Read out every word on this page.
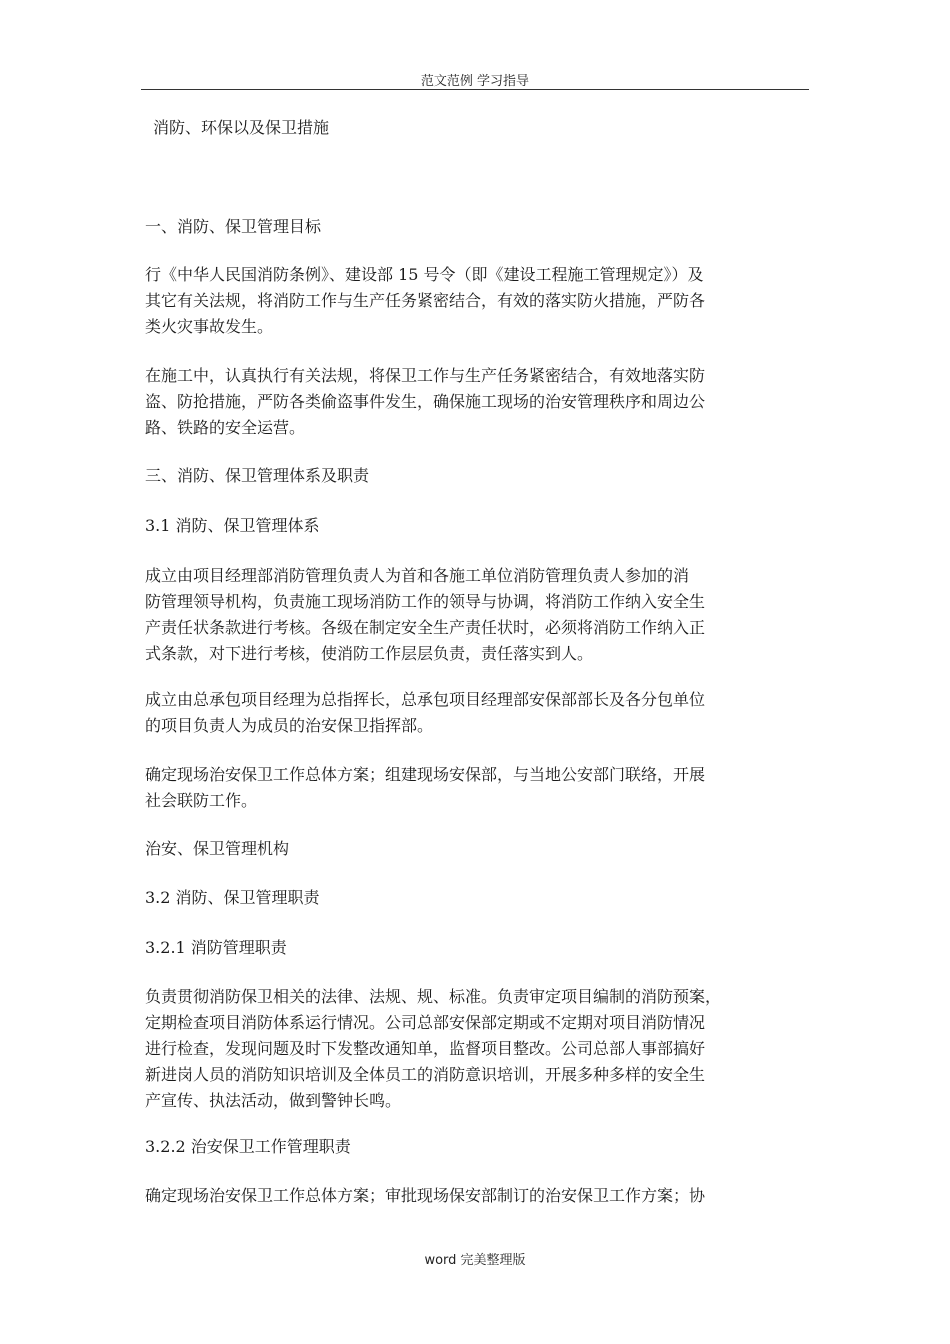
范文范例 学习指导
消防、环保以及保卫措施
一、消防、保卫管理目标
行《中华人民国消防条例》、建设部 15 号令（即《建设工程施工管理规定》）及
其它有关法规，将消防工作与生产任务紧密结合，有效的落实防火措施，严防各
类火灾事故发生。
在施工中，认真执行有关法规，将保卫工作与生产任务紧密结合，有效地落实防
盗、防抢措施，严防各类偷盗事件发生，确保施工现场的治安管理秩序和周边公
路、铁路的安全运营。
三、消防、保卫管理体系及职责
3.1 消防、保卫管理体系
成立由项目经理部消防管理负责人为首和各施工单位消防管理负责人参加的消
防管理领导机构，负责施工现场消防工作的领导与协调，将消防工作纳入安全生
产责任状条款进行考核。各级在制定安全生产责任状时，必须将消防工作纳入正
式条款，对下进行考核，使消防工作层层负责，责任落实到人。
成立由总承包项目经理为总指挥长，总承包项目经理部安保部部长及各分包单位
的项目负责人为成员的治安保卫指挥部。
确定现场治安保卫工作总体方案；组建现场安保部，与当地公安部门联络，开展
社会联防工作。
治安、保卫管理机构
3.2 消防、保卫管理职责
3.2.1 消防管理职责
负责贯彻消防保卫相关的法律、法规、规、标准。负责审定项目编制的消防预案，
定期检查项目消防体系运行情况。公司总部安保部定期或不定期对项目消防情况
进行检查，发现问题及时下发整改通知单，监督项目整改。公司总部人事部搞好
新进岗人员的消防知识培训及全体员工的消防意识培训，开展多种多样的安全生
产宣传、执法活动，做到警钟长鸣。
3.2.2 治安保卫工作管理职责
确定现场治安保卫工作总体方案；审批现场保安部制订的治安保卫工作方案；协
word 完美整理版
